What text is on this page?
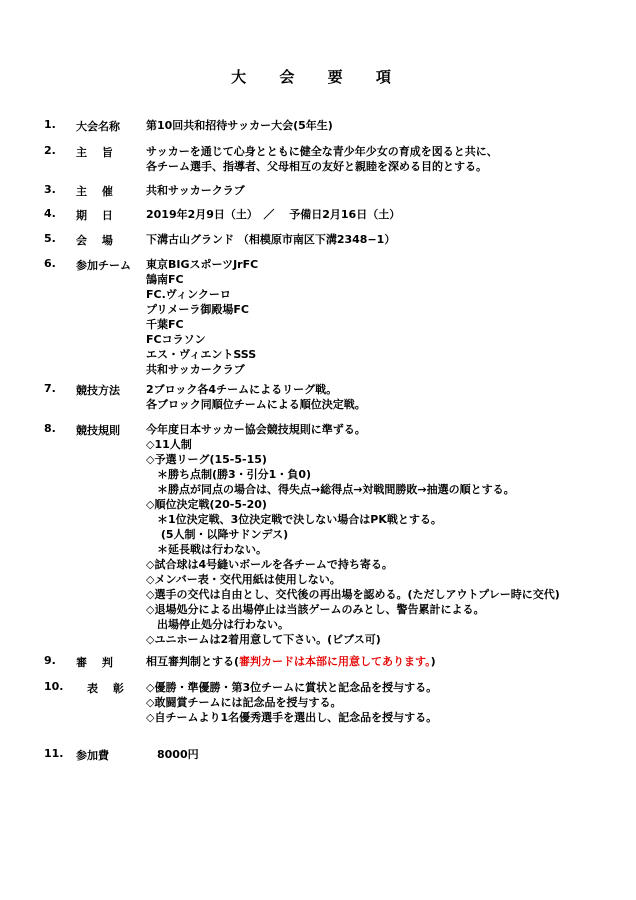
大 会 要 項
1. 大会名称 第10回共和招待サッカー大会(5年生)
2. 主　 旨	サッカーを通じて心身とともに健全な青少年少女の育成を図ると共に、
各チーム選手、指導者、父母相互の友好と親睦を深める目的とする。
3. 主　 催	共和サッカークラブ
4. 期　 日	2019年2月9日（土）　／　 予備日2月16日（土）
5. 会　 場	下溝古山グランド （相模原市南区下溝2348−1）
6. 参加チーム 東京BIGスポーツJrFC
鵠南FC
FC.ヴィンクーロ
プリメーラ御殿場FC
千葉FC
FCコラソン
エス・ヴィエントSSS
共和サッカークラブ
7. 競技方法 2ブロック各4チームによるリーグ戦。
各ブロック同順位チームによる順位決定戦。
8. 競技規則 今年度日本サッカー協会競技規則に準ずる。
◇11人制
◇予選リーグ(15-5-15)
　＊勝ち点制(勝3・引分1・負0)
　＊勝点が同点の場合は、得失点→総得点→対戦間勝敗→抽選の順とする。
◇順位決定戦(20-5-20)
　＊1位決定戦、3位決定戦で決しない場合はPK戦とする。
　 (5人制・以降サドンデス)
　＊延長戦は行わない。
◇試合球は4号縫いボールを各チームで持ち寄る。
◇メンバー表・交代用紙は使用しない。
◇選手の交代は自由とし、交代後の再出場を認める。(ただしアウトプレー時に交代)
◇退場処分による出場停止は当該ゲームのみとし、警告累計による。
　出場停止処分は行わない。
◇ユニホームは2着用意して下さい。(ビブス可)
9. 審　 判	相互審判制とする(審判カードは本部に用意してあります。)
10. 　表　 彰 ◇優勝・準優勝・第3位チームに賞状と記念品を授与する。
◇敢闘賞チームには記念品を授与する。
◇自チームより1名優秀選手を選出し、記念品を授与する。
11. 参加費	　8000円
